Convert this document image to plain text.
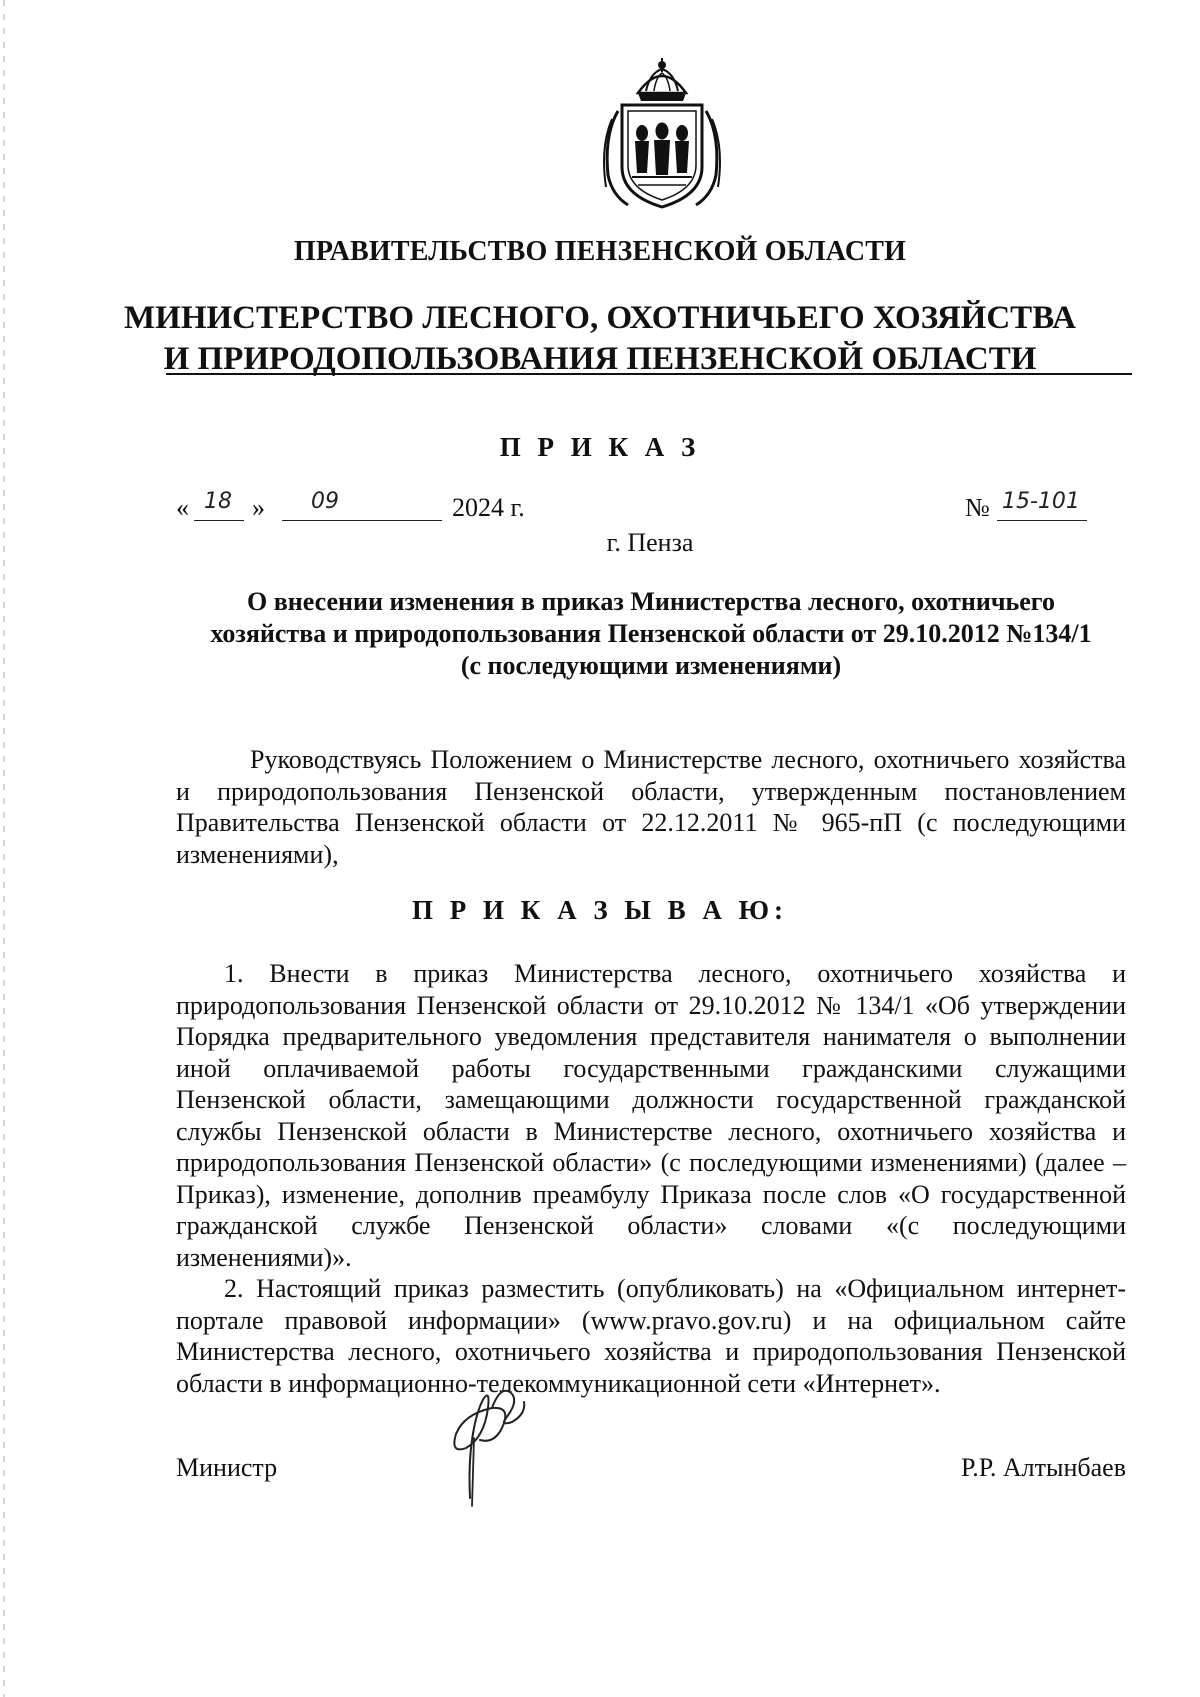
ПРАВИТЕЛЬСТВО ПЕНЗЕНСКОЙ ОБЛАСТИ
МИНИСТЕРСТВО ЛЕСНОГО, ОХОТНИЧЬЕГО ХОЗЯЙСТВА
И ПРИРОДОПОЛЬЗОВАНИЯ ПЕНЗЕНСКОЙ ОБЛАСТИ
П Р И К А З
« 18 » 09	2024 г.	№ 15-101
г. Пенза
О внесении изменения в приказ Министерства лесного, охотничьего
хозяйства и природопользования Пензенской области от 29.10.2012 №134/1
(с последующими изменениями)
Руководствуясь Положением о Министерстве лесного, охотничьего хозяйства и природопользования Пензенской области, утвержденным постановлением Правительства Пензенской области от 22.12.2011 № 965-пП (с последующими изменениями),
П Р И К А З Ы В А Ю:

1. Внести в приказ Министерства лесного, охотничьего хозяйства и природопользования Пензенской области от 29.10.2012 № 134/1 «Об утверждении Порядка предварительного уведомления представителя нанимателя о выполнении иной оплачиваемой работы государственными гражданскими служащими Пензенской области, замещающими должности государственной гражданской службы Пензенской области в Министерстве лесного, охотничьего хозяйства и природопользования Пензенской области» (с последующими изменениями) (далее – Приказ), изменение, дополнив преамбулу Приказа после слов «О государственной гражданской службе Пензенской области» словами «(с последующими изменениями)».

2. Настоящий приказ разместить (опубликовать) на «Официальном интернет-портале правовой информации» (www.pravo.gov.ru) и на официальном сайте Министерства лесного, охотничьего хозяйства и природопользования Пензенской области в информационно-телекоммуникационной сети «Интернет».

Министр	Р.Р. Алтынбаев
